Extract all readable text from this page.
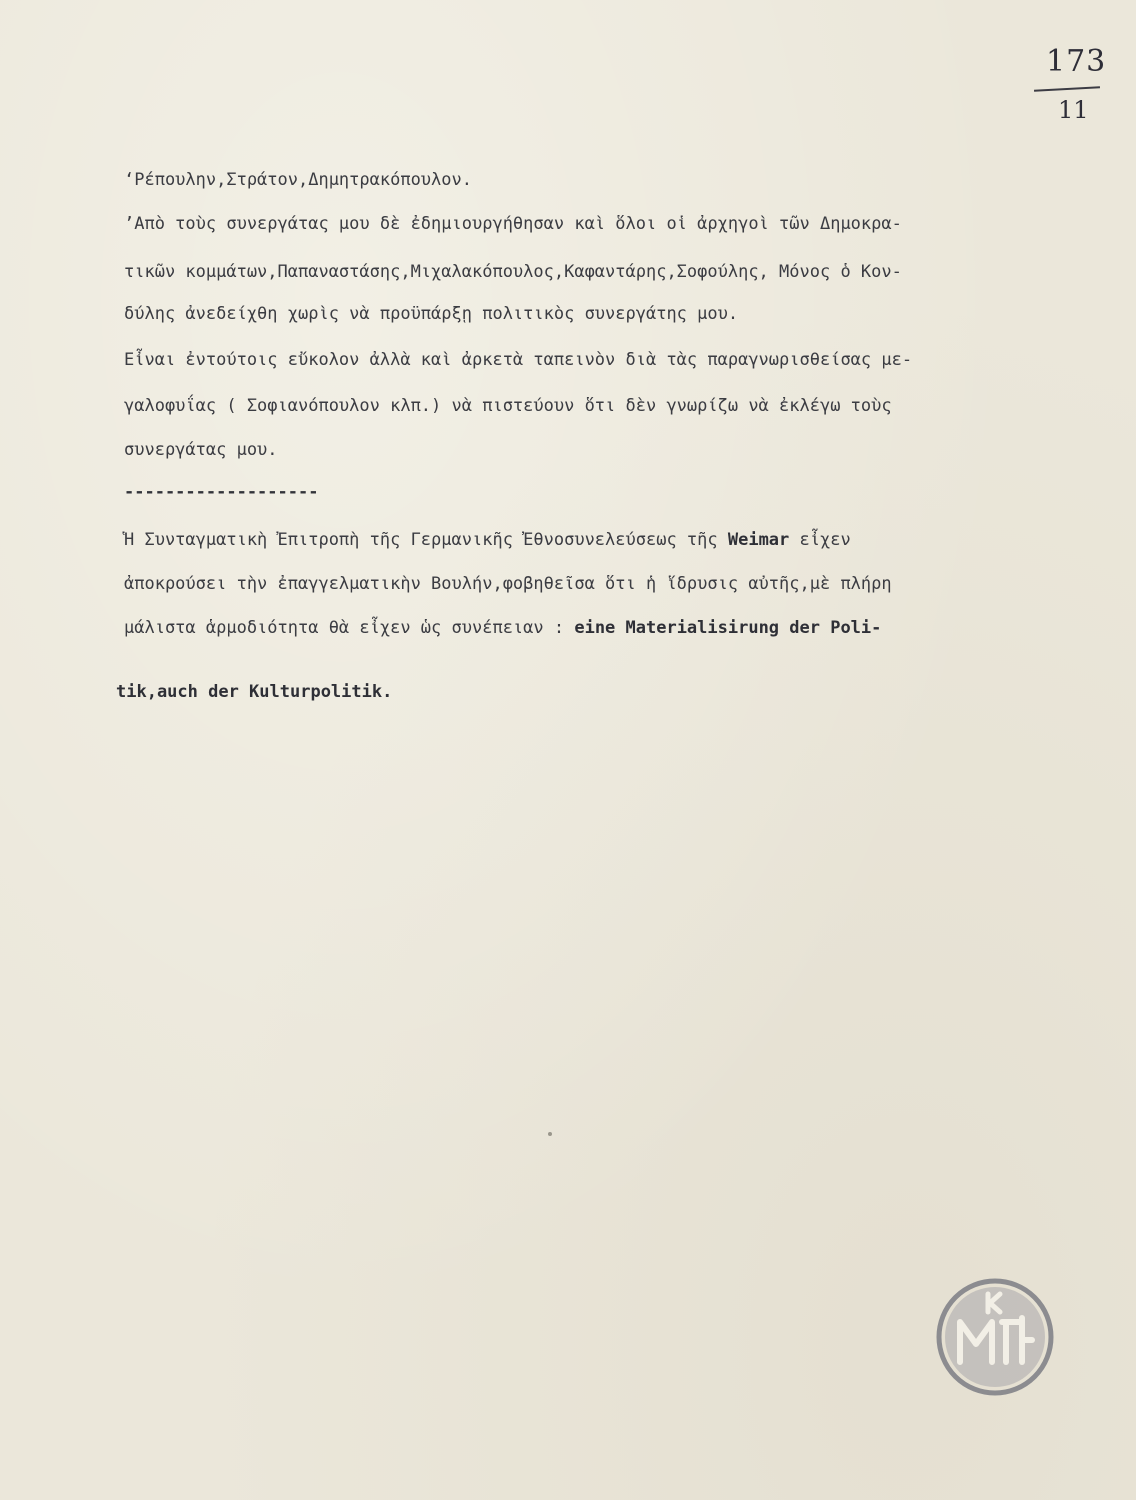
173
11
‘Ρέπουλην,Στράτον,Δημητρακόπουλον.
’Απὸ τοὺς συνεργάτας μου δὲ ἐδημιουργήθησαν καὶ ὅλοι οἱ ἀρχηγοὶ τῶν Δημοκρα-
τικῶν κομμάτων,Παπαναστάσης,Μιχαλακόπουλος,Καφαντάρης,Σοφούλης, Μόνος ὁ Κον-
δύλης ἀνεδείχθη χωρὶς νὰ προϋπάρξῃ πολιτικὸς συνεργάτης μου.
Εἶναι ἐντούτοις εὔκολον ἀλλὰ καὶ ἀρκετὰ ταπεινὸν διὰ τὰς παραγνωρισθείσας με-
γαλοφυΐας ( Σοφιανόπουλον κλπ.) νὰ πιστεύουν ὅτι δὲν γνωρίζω νὰ ἐκλέγω τοὺς
συνεργάτας μου.
-------------------
Ἡ Συνταγματικὴ Ἐπιτροπὴ τῆς Γερμανικῆς Ἐθνοσυνελεύσεως τῆς Weimar εἶχεν
ἀποκρούσει τὴν ἐπαγγελματικὴν Βουλήν,φοβηθεῖσα ὅτι ἡ ἵδρυσις αὐτῆς,μὲ πλήρη
μάλιστα ἁρμοδιότητα θὰ εἶχεν ὡς συνέπειαν : eine Materialisirung der Poli-
tik,auch der Kulturpolitik.
